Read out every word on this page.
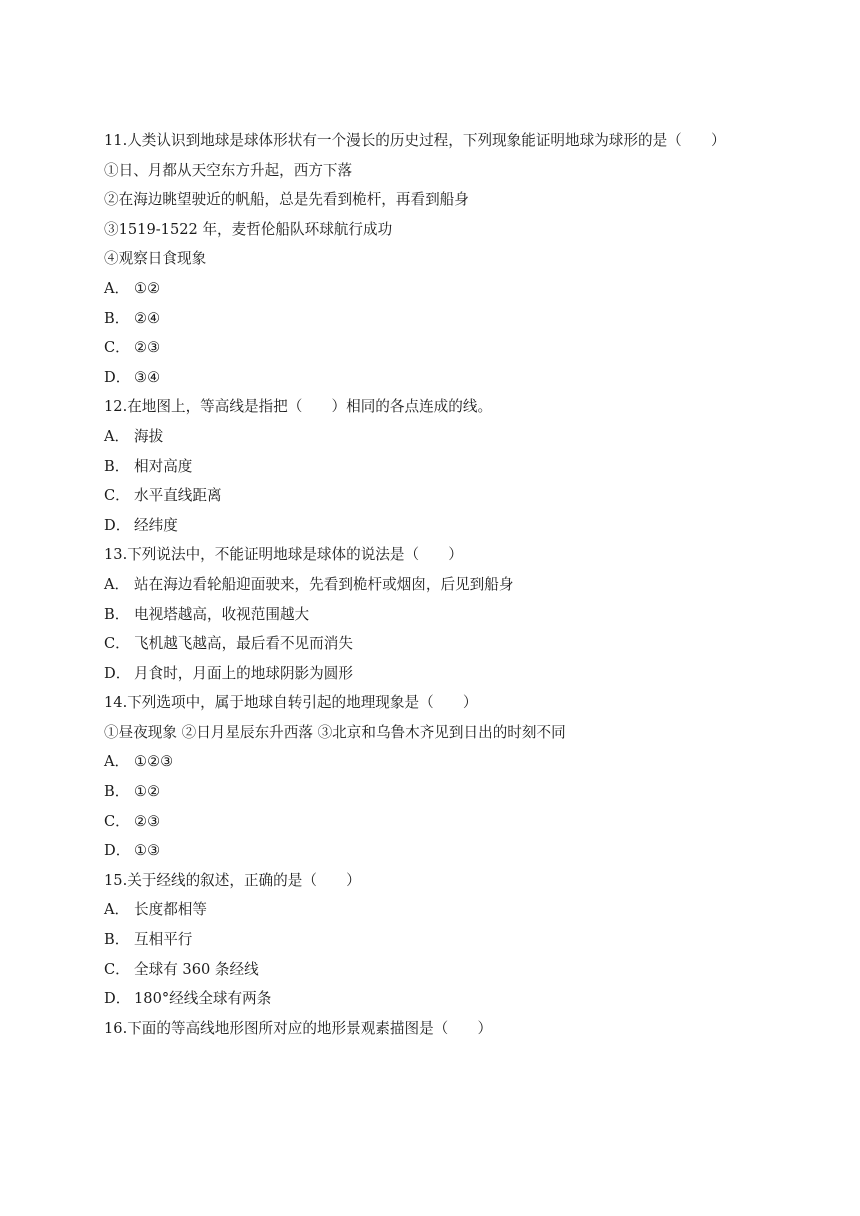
11.人类认识到地球是球体形状有一个漫长的历史过程，下列现象能证明地球为球形的是（　　）
①日、月都从天空东方升起，西方下落
②在海边眺望驶近的帆船，总是先看到桅杆，再看到船身
③1519-1522 年，麦哲伦船队环球航行成功
④观察日食现象
A． ①②
B． ②④
C． ②③
D． ③④
12.在地图上，等高线是指把（　　）相同的各点连成的线。
A． 海拔
B． 相对高度
C． 水平直线距离
D． 经纬度
13.下列说法中，不能证明地球是球体的说法是（　　）
A． 站在海边看轮船迎面驶来，先看到桅杆或烟囱，后见到船身
B． 电视塔越高，收视范围越大
C． 飞机越飞越高，最后看不见而消失
D． 月食时，月面上的地球阴影为圆形
14.下列选项中，属于地球自转引起的地理现象是（　　）
①昼夜现象 ②日月星辰东升西落 ③北京和乌鲁木齐见到日出的时刻不同
A． ①②③
B． ①②
C． ②③
D． ①③
15.关于经线的叙述，正确的是（　　）
A． 长度都相等
B． 互相平行
C． 全球有 360 条经线
D． 180°经线全球有两条
16.下面的等高线地形图所对应的地形景观素描图是（　　）
